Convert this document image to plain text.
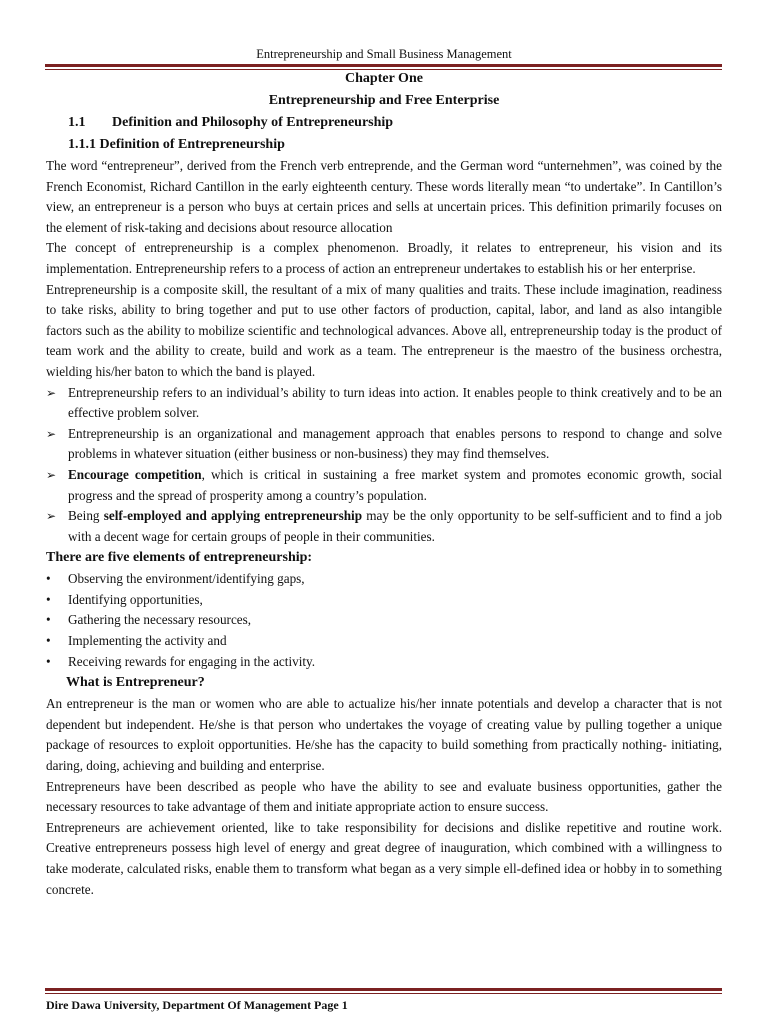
Entrepreneurship and Small Business Management
Chapter One
Entrepreneurship and Free Enterprise
1.1 Definition and Philosophy of Entrepreneurship
1.1.1 Definition of Entrepreneurship

The word “entrepreneur”, derived from the French verb entreprende, and the German word “unternehmen”, was coined by the French Economist, Richard Cantillon in the early eighteenth century. These words literally mean “to undertake”. In Cantillon’s view, an entrepreneur is a person who buys at certain prices and sells at uncertain prices. This definition primarily focuses on the element of risk-taking and decisions about resource allocation

The concept of entrepreneurship is a complex phenomenon. Broadly, it relates to entrepreneur, his vision and its implementation. Entrepreneurship refers to a process of action an entrepreneur undertakes to establish his or her enterprise.

Entrepreneurship is a composite skill, the resultant of a mix of many qualities and traits. These include imagination, readiness to take risks, ability to bring together and put to use other factors of production, capital, labor, and land as also intangible factors such as the ability to mobilize scientific and technological advances. Above all, entrepreneurship today is the product of team work and the ability to create, build and work as a team. The entrepreneur is the maestro of the business orchestra, wielding his/her baton to which the band is played.

➢ Entrepreneurship refers to an individual’s ability to turn ideas into action. It enables people to think creatively and to be an effective problem solver.
➢ Entrepreneurship is an organizational and management approach that enables persons to respond to change and solve problems in whatever situation (either business or non-business) they may find themselves.
➢ Encourage competition, which is critical in sustaining a free market system and promotes economic growth, social progress and the spread of prosperity among a country’s population.
➢ Being self-employed and applying entrepreneurship may be the only opportunity to be self-sufficient and to find a job with a decent wage for certain groups of people in their communities.
There are five elements of entrepreneurship:
• Observing the environment/identifying gaps,
• Identifying opportunities,
• Gathering the necessary resources,
• Implementing the activity and
• Receiving rewards for engaging in the activity.
What is Entrepreneur?

An entrepreneur is the man or women who are able to actualize his/her innate potentials and develop a character that is not dependent but independent. He/she is that person who undertakes the voyage of creating value by pulling together a unique package of resources to exploit opportunities. He/she has the capacity to build something from practically nothing- initiating, daring, doing, achieving and building and enterprise.

Entrepreneurs have been described as people who have the ability to see and evaluate business opportunities, gather the necessary resources to take advantage of them and initiate appropriate action to ensure success.

Entrepreneurs are achievement oriented, like to take responsibility for decisions and dislike repetitive and routine work. Creative entrepreneurs possess high level of energy and great degree of inauguration, which combined with a willingness to take moderate, calculated risks, enable them to transform what began as a very simple ell-defined idea or hobby in to something concrete.

Dire Dawa University, Department Of Management Page 1
